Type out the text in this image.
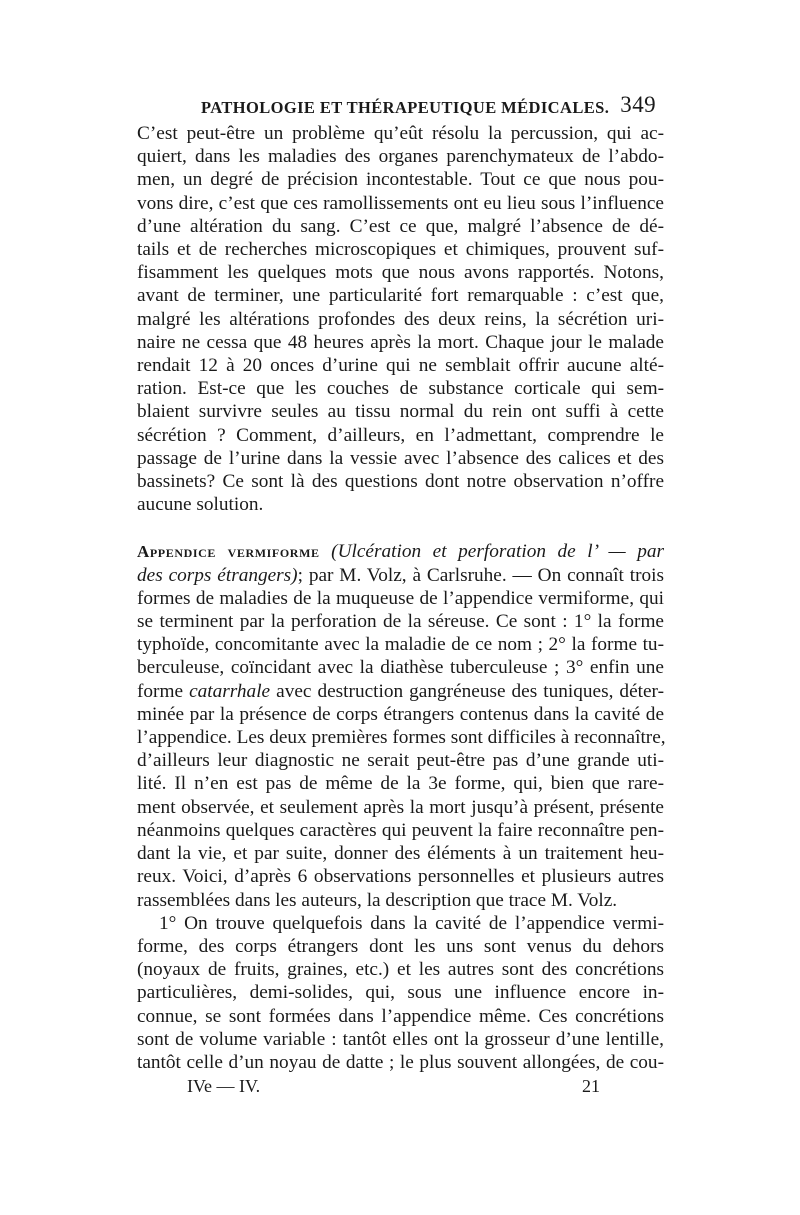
PATHOLOGIE ET THÉRAPEUTIQUE MÉDICALES. 349
C’est peut-être un problème qu’eût résolu la percussion, qui ac-
quiert, dans les maladies des organes parenchymateux de l’abdo-
men, un degré de précision incontestable. Tout ce que nous pou-
vons dire, c’est que ces ramollissements ont eu lieu sous l’influence
d’une altération du sang. C’est ce que, malgré l’absence de dé-
tails et de recherches microscopiques et chimiques, prouvent suf-
fisamment les quelques mots que nous avons rapportés. Notons,
avant de terminer, une particularité fort remarquable : c’est que,
malgré les altérations profondes des deux reins, la sécrétion uri-
naire ne cessa que 48 heures après la mort. Chaque jour le malade
rendait 12 à 20 onces d’urine qui ne semblait offrir aucune alté-
ration. Est-ce que les couches de substance corticale qui sem-
blaient survivre seules au tissu normal du rein ont suffi à cette
sécrétion ? Comment, d’ailleurs, en l’admettant, comprendre le
passage de l’urine dans la vessie avec l’absence des calices et des
bassinets? Ce sont là des questions dont notre observation n’offre
aucune solution.
Appendice vermiforme (Ulcération et perforation de l’ — par
des corps étrangers); par M. Volz, à Carlsruhe. — On connaît trois
formes de maladies de la muqueuse de l’appendice vermiforme, qui
se terminent par la perforation de la séreuse. Ce sont : 1° la forme
typhoïde, concomitante avec la maladie de ce nom ; 2° la forme tu-
berculeuse, coïncidant avec la diathèse tuberculeuse ; 3° enfin une
forme catarrhale avec destruction gangréneuse des tuniques, déter-
minée par la présence de corps étrangers contenus dans la cavité de
l’appendice. Les deux premières formes sont difficiles à reconnaître,
d’ailleurs leur diagnostic ne serait peut-être pas d’une grande uti-
lité. Il n’en est pas de même de la 3e forme, qui, bien que rare-
ment observée, et seulement après la mort jusqu’à présent, présente
néanmoins quelques caractères qui peuvent la faire reconnaître pen-
dant la vie, et par suite, donner des éléments à un traitement heu-
reux. Voici, d’après 6 observations personnelles et plusieurs autres
rassemblées dans les auteurs, la description que trace M. Volz.
1° On trouve quelquefois dans la cavité de l’appendice vermi-
forme, des corps étrangers dont les uns sont venus du dehors
(noyaux de fruits, graines, etc.) et les autres sont des concrétions
particulières, demi-solides, qui, sous une influence encore in-
connue, se sont formées dans l’appendice même. Ces concrétions
sont de volume variable : tantôt elles ont la grosseur d’une lentille,
tantôt celle d’un noyau de datte ; le plus souvent allongées, de cou-
IVe — IV.	21
